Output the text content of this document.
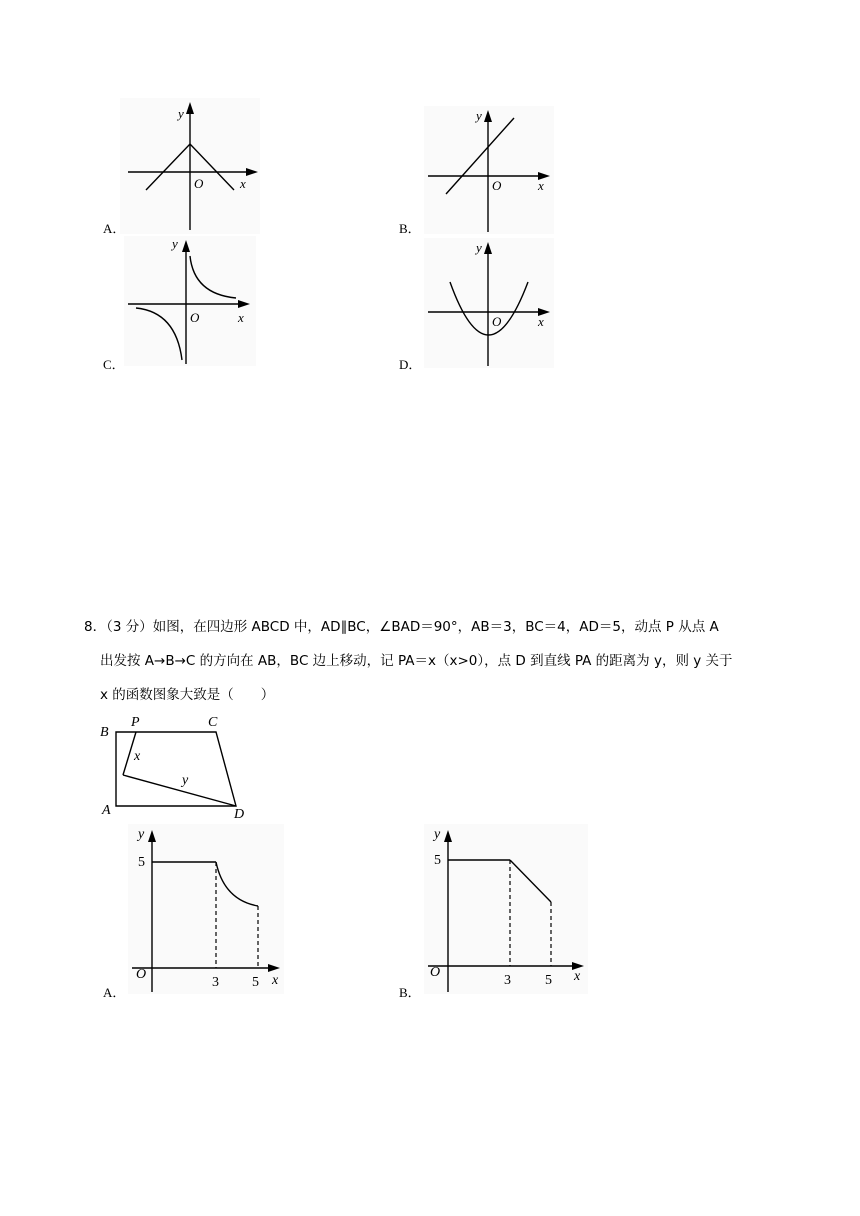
y
x
O
A．
y
x
O
B．
y
x
O
C．
y
x
O
D．
8．（3 分）如图，在四边形 ABCD 中，AD∥BC，∠BAD＝90°，AB＝3，BC＝4，AD＝5，动点 P 从点 A
出发按 A→B→C 的方向在 AB，BC 边上移动，记 PA＝x（x>0），点 D 到直线 PA 的距离为 y，则 y 关于
x 的函数图象大致是（　　）
B
P	C
A	D
x
y
y
5
O
3 5 x
A．
y
5
O
3 5 x
B．
